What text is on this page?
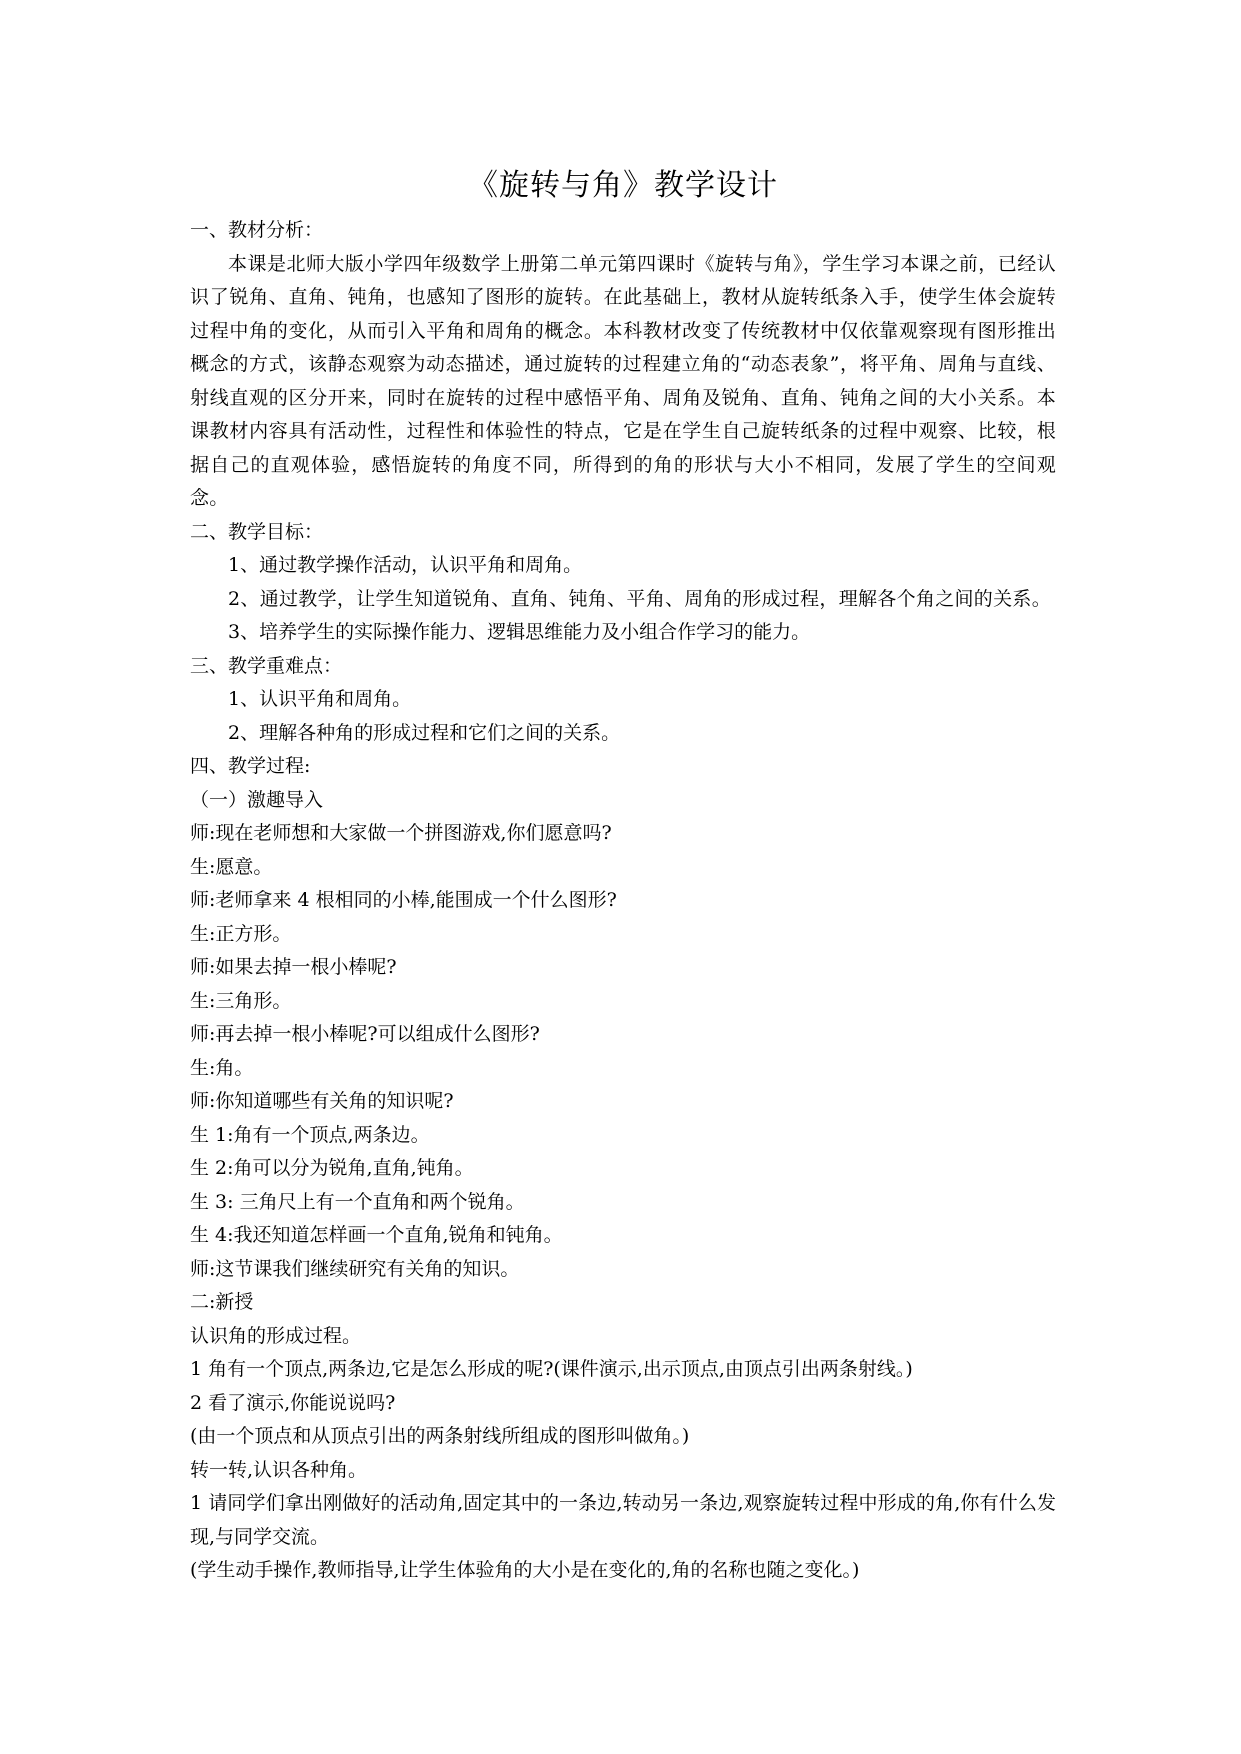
《旋转与角》教学设计

一、教材分析：

本课是北师大版小学四年级数学上册第二单元第四课时《旋转与角》，学生学习本课之前，已经认识了锐角、直角、钝角，也感知了图形的旋转。在此基础上，教材从旋转纸条入手，使学生体会旋转过程中角的变化，从而引入平角和周角的概念。本科教材改变了传统教材中仅依靠观察现有图形推出概念的方式，该静态观察为动态描述，通过旋转的过程建立角的“动态表象”，将平角、周角与直线、射线直观的区分开来，同时在旋转的过程中感悟平角、周角及锐角、直角、钝角之间的大小关系。本课教材内容具有活动性，过程性和体验性的特点，它是在学生自己旋转纸条的过程中观察、比较，根据自己的直观体验，感悟旋转的角度不同，所得到的角的形状与大小不相同，发展了学生的空间观念。

二、教学目标：

1、通过教学操作活动，认识平角和周角。

2、通过教学，让学生知道锐角、直角、钝角、平角、周角的形成过程，理解各个角之间的关系。

3、培养学生的实际操作能力、逻辑思维能力及小组合作学习的能力。

三、教学重难点：

1、认识平角和周角。

2、理解各种角的形成过程和它们之间的关系。

四、教学过程:

（一）激趣导入

师:现在老师想和大家做一个拼图游戏,你们愿意吗?

生:愿意。

师:老师拿来 4 根相同的小棒,能围成一个什么图形?

生:正方形。

师:如果去掉一根小棒呢?

生:三角形。

师:再去掉一根小棒呢?可以组成什么图形?

生:角。

师:你知道哪些有关角的知识呢?

生 1:角有一个顶点,两条边。

生 2:角可以分为锐角,直角,钝角。

生 3: 三角尺上有一个直角和两个锐角。

生 4:我还知道怎样画一个直角,锐角和钝角。

师:这节课我们继续研究有关角的知识。

二:新授

认识角的形成过程。

1 角有一个顶点,两条边,它是怎么形成的呢?(课件演示,出示顶点,由顶点引出两条射线。)

2 看了演示,你能说说吗?

(由一个顶点和从顶点引出的两条射线所组成的图形叫做角。)

转一转,认识各种角。

1 请同学们拿出刚做好的活动角,固定其中的一条边,转动另一条边,观察旋转过程中形成的角,你有什么发现,与同学交流。

(学生动手操作,教师指导,让学生体验角的大小是在变化的,角的名称也随之变化。)
